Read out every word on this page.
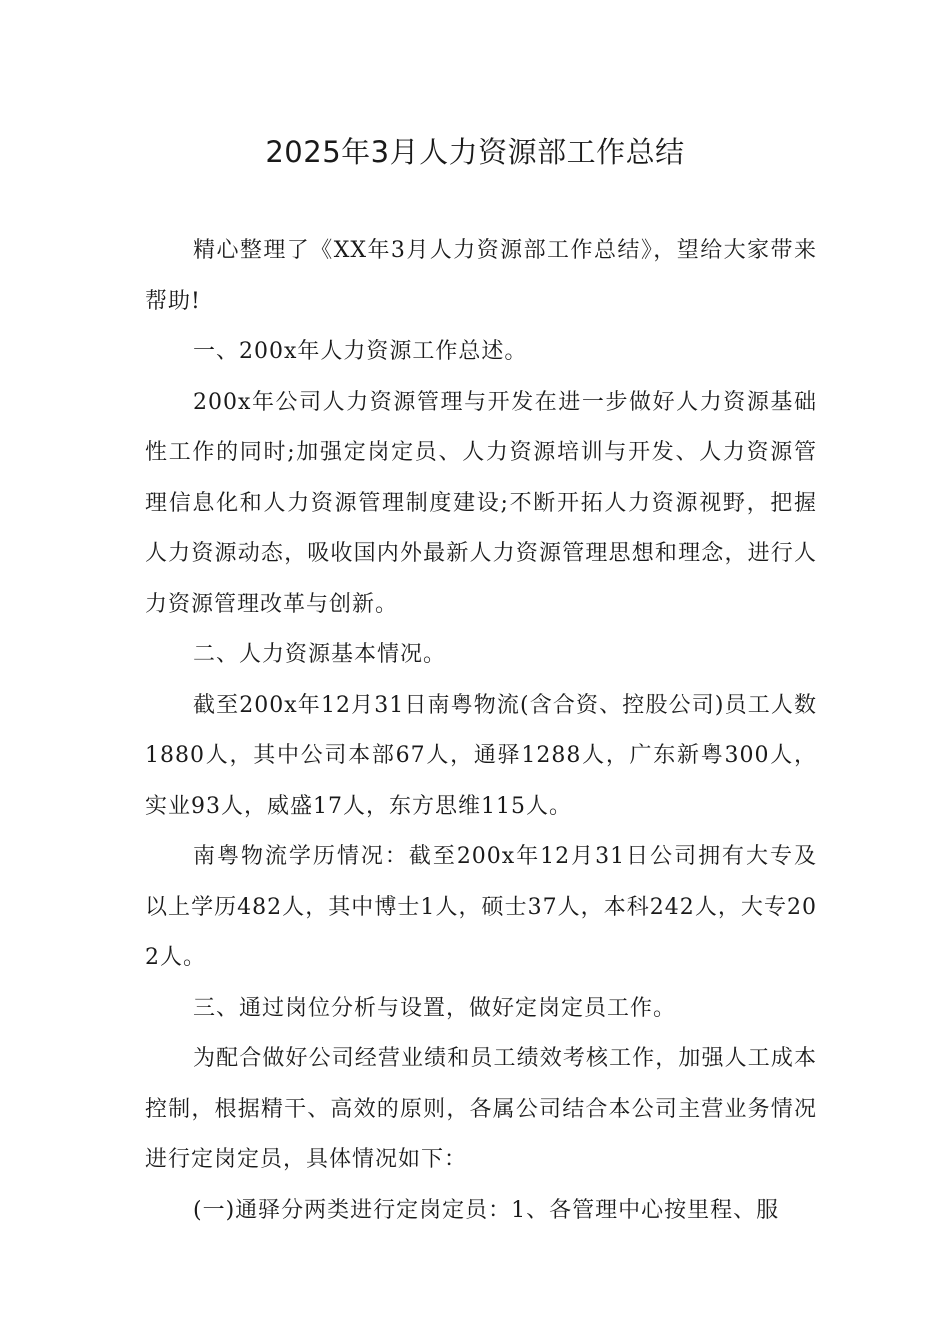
2025年3月人力资源部工作总结

精心整理了《XX年3月人力资源部工作总结》，望给大家带来帮助!

一、200x年人力资源工作总述。

200x年公司人力资源管理与开发在进一步做好人力资源基础性工作的同时;加强定岗定员、人力资源培训与开发、人力资源管理信息化和人力资源管理制度建设;不断开拓人力资源视野，把握人力资源动态，吸收国内外最新人力资源管理思想和理念，进行人力资源管理改革与创新。

二、人力资源基本情况。

截至200x年12月31日南粤物流(含合资、控股公司)员工人数1880人，其中公司本部67人，通驿1288人，广东新粤300人，实业93人，威盛17人，东方思维115人。

南粤物流学历情况：截至200x年12月31日公司拥有大专及以上学历482人，其中博士1人，硕士37人，本科242人，大专202人。

三、通过岗位分析与设置，做好定岗定员工作。

为配合做好公司经营业绩和员工绩效考核工作，加强人工成本控制，根据精干、高效的原则，各属公司结合本公司主营业务情况进行定岗定员，具体情况如下：

(一)通驿分两类进行定岗定员：1、各管理中心按里程、服
